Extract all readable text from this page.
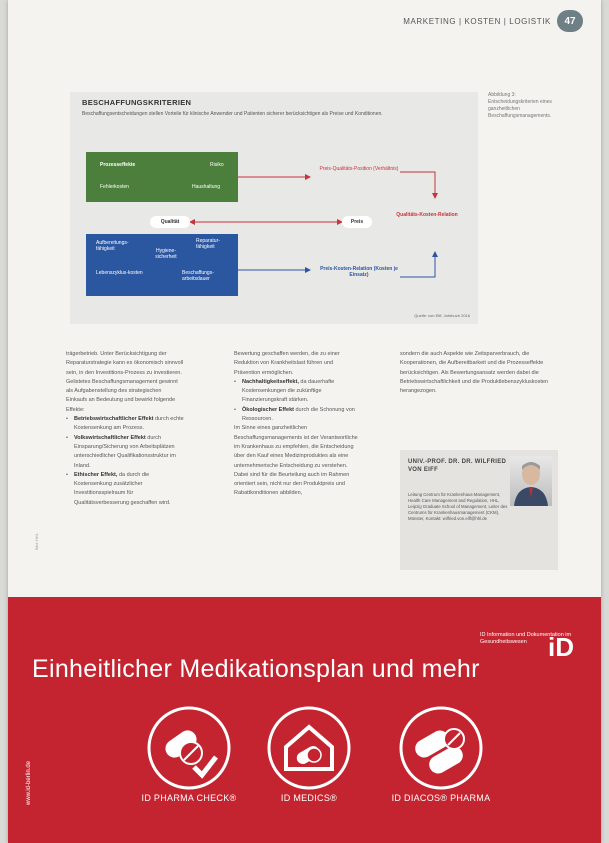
MARKETING | KOSTEN | LOGISTIK	47
BESCHAFFUNGSKRITERIEN
Beschaffungsentscheidungen stellen Vorteile für klinische Anwender und Patienten sicherer berücksichtigen als Preise und Konditionen.
Prozesseffekte	Risiko
Fehlerkosten	Haushaltung
Aufbereitungs-fähigkeit	Hygiene-sicherheit
Reparatur-fähigkeit
Lebenszyklus-kosten	Beschaffungs-arbeitsdauer
Qualität	Preis
Preis-Qualitäts-Position (Verhältnis)
Qualitäts-Kosten-Relation
Preis-Kosten-Relation (Kosten je Einsatz)
Quelle: von Eiff, Jahrbuch 2016
Abbildung 3: Entscheidungskriterien eines ganzheitlichen Beschaffungsmanagements.

trägerbetrieb. Unter Berücksichtigung der Reparaturstrategie kann es ökonomisch sinnvoll sein, in den Investitions-Prozess zu investieren. Gelistetes Beschaffungsmanagement gewinnt als Aufgabenstellung des strategischen Einkaufs an Bedeutung und bewirkt folgende Effekte:

• Betriebswirtschaftlicher Effekt durch echte Kostensenkung am Prozess.
• Volkswirtschaftlicher Effekt durch Einsparung/Sicherung von Arbeitsplätzen unterschiedlicher Qualifikationsstruktur im Inland.
• Ethischer Effekt, da durch die Kostensenkung zusätzlicher Investitionsspielraum für Qualitätsverbesserung geschaffen wird.

Bewertung geschaffen werden, die zu einer Reduktion von Krankheitslast führen und Prävention ermöglichen.

• Nachhaltigkeitseffekt, da dauerhafte Kostensenkungen die zukünftige Finanzierungskraft stärken.
• Ökologischer Effekt durch die Schonung von Ressourcen.

Im Sinne eines ganzheitlichen Beschaffungsmanagements ist der Verantwortliche im Krankenhaus zu empfehlen, die Entscheidung über den Kauf eines Medizinproduktes als eine unternehmerische Entscheidung zu verstehen. Dabei sind für die Beurteilung auch im Rahmen orientiert sein, nicht nur den Produktpreis und Rabattkonditionen abbilden,

sondern die auch Aspekte wie Zeitsparverbrauch, die Kooperationen, die Aufbereitbarkeit und die Prozesseffekte berücksichtigen. Als Bewertungsansatz werden dabei die Betriebswirtschaftlichkeit und die Produktlebenszykluskosten herangezogen.

UNIV.-PROF. DR. DR. WILFRIED VON EIFF
Leitung Centrum für Krankenhaus-Management, Health Care Management and Regulation, HHL, Leipzig Graduate School of Management, Leiter des Centrums für Krankenhausmanagement (CKM), Münster, Kontakt: wilfried.von.eiff@hhl.de
Bild: HHL
ID Information und Dokumentation im Gesundheitswesen iD
Einheitlicher Medikationsplan und mehr
www.id-berlin.de	ID PHARMA CHECK®	ID MEDICS®	ID DIACOS® PHARMA
